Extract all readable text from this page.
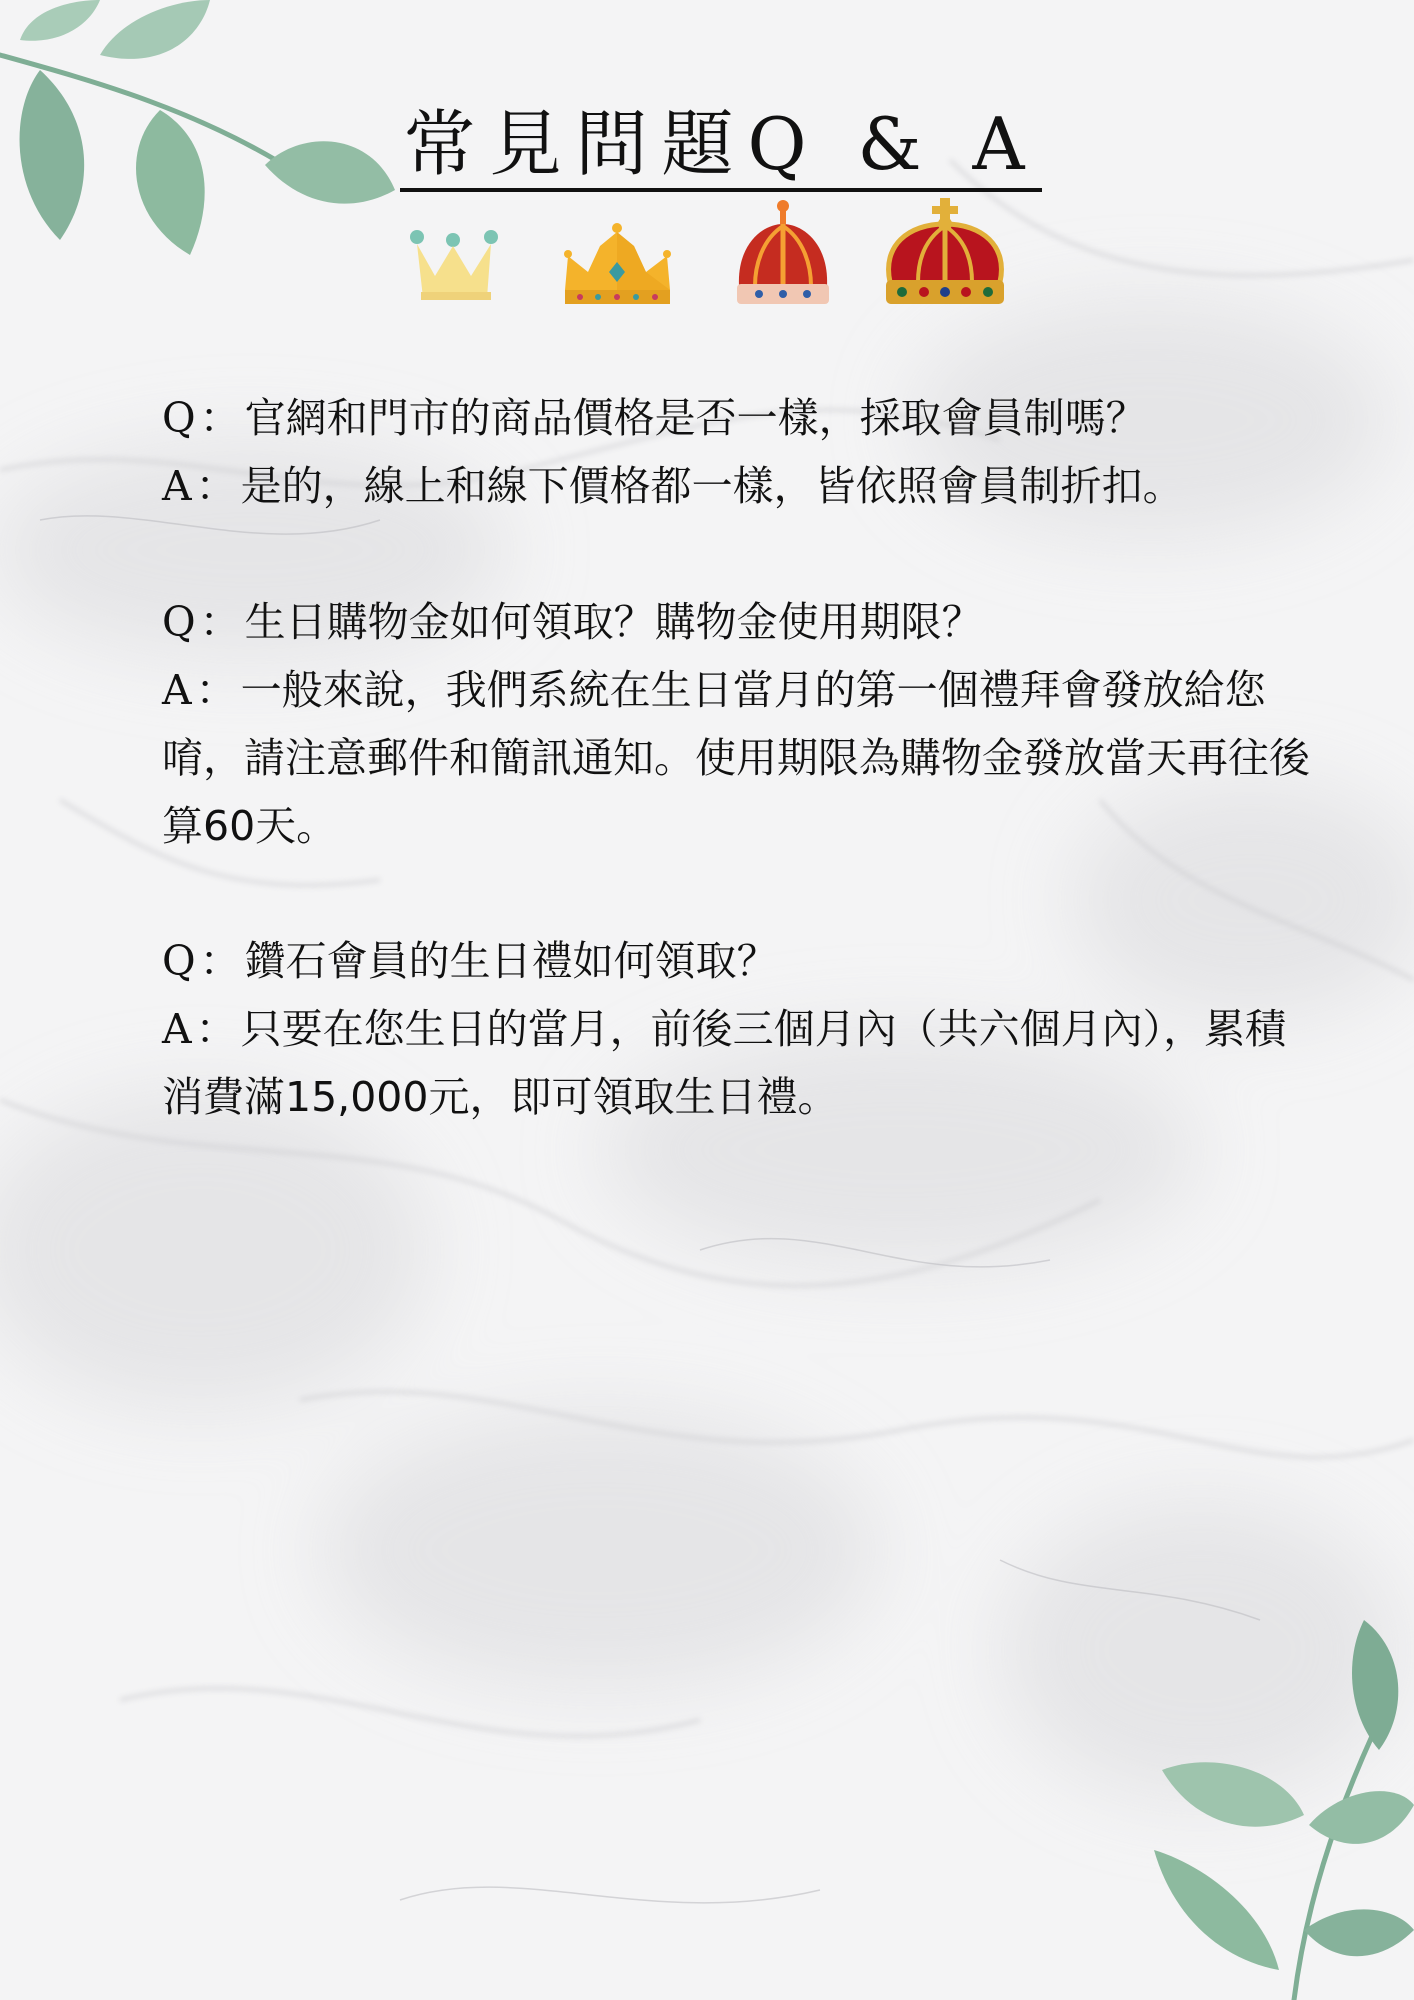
常見問題Q & A

Q：官網和門市的商品價格是否一樣，採取會員制嗎？

A：是的，線上和線下價格都一樣，皆依照會員制折扣。

Q：生日購物金如何領取？購物金使用期限？

A：一般來說，我們系統在生日當月的第一個禮拜會發放給您唷，請注意郵件和簡訊通知。使用期限為購物金發放當天再往後算60天。

Q：鑽石會員的生日禮如何領取？

A：只要在您生日的當月，前後三個月內（共六個月內），累積消費滿15,000元，即可領取生日禮。
